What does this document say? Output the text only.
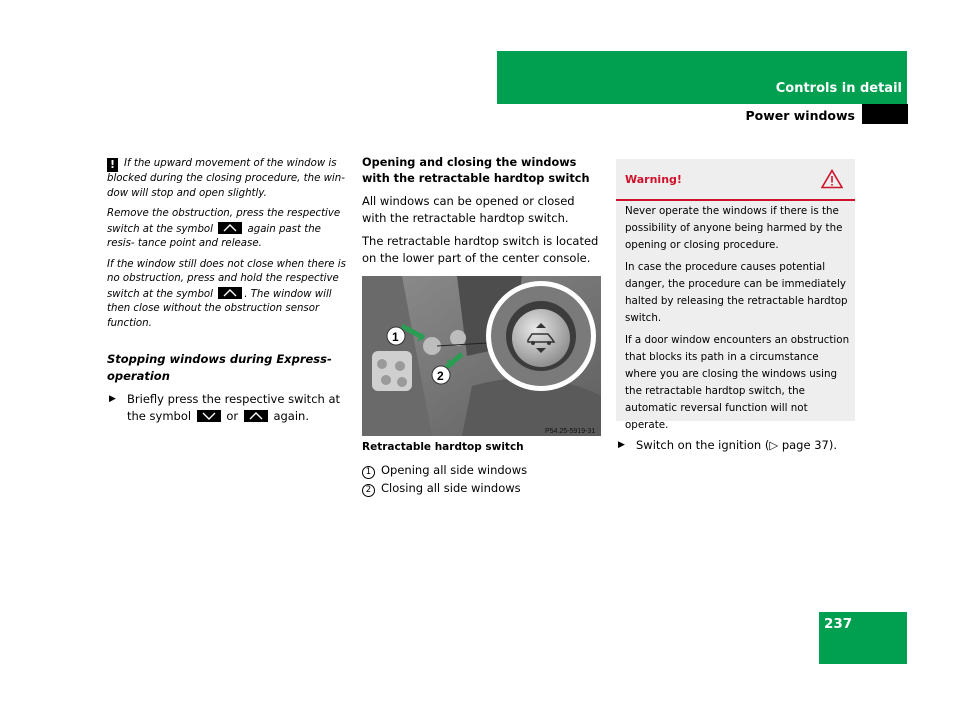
Controls in detail
Power windows

! If the upward movement of the window is blocked during the closing procedure, the win- dow will stop and open slightly.

Remove the obstruction, press the respective switch at the symbol	again past the resis- tance point and release.

If the window still does not close when there is no obstruction, press and hold the respective switch at the symbol	. The window will then close without the obstruction sensor function.

Stopping windows during Express-operation
▶ Briefly press the respective switch at the symbol	or	again.
Opening and closing the windows with the retractable hardtop switch

All windows can be opened or closed with the retractable hardtop switch.

The retractable hardtop switch is located on the lower part of the center console.

1
2
P54.25-5919-31
Retractable hardtop switch
1 Opening all side windows
2 Closing all side windows
Warning!

Never operate the windows if there is the possibility of anyone being harmed by the opening or closing procedure.

In case the procedure causes potential danger, the procedure can be immediately halted by releasing the retractable hardtop switch.

If a door window encounters an obstruction that blocks its path in a circumstance where you are closing the windows using the retractable hardtop switch, the automatic reversal function will not operate.

▶ Switch on the ignition (▷ page 37).
237
